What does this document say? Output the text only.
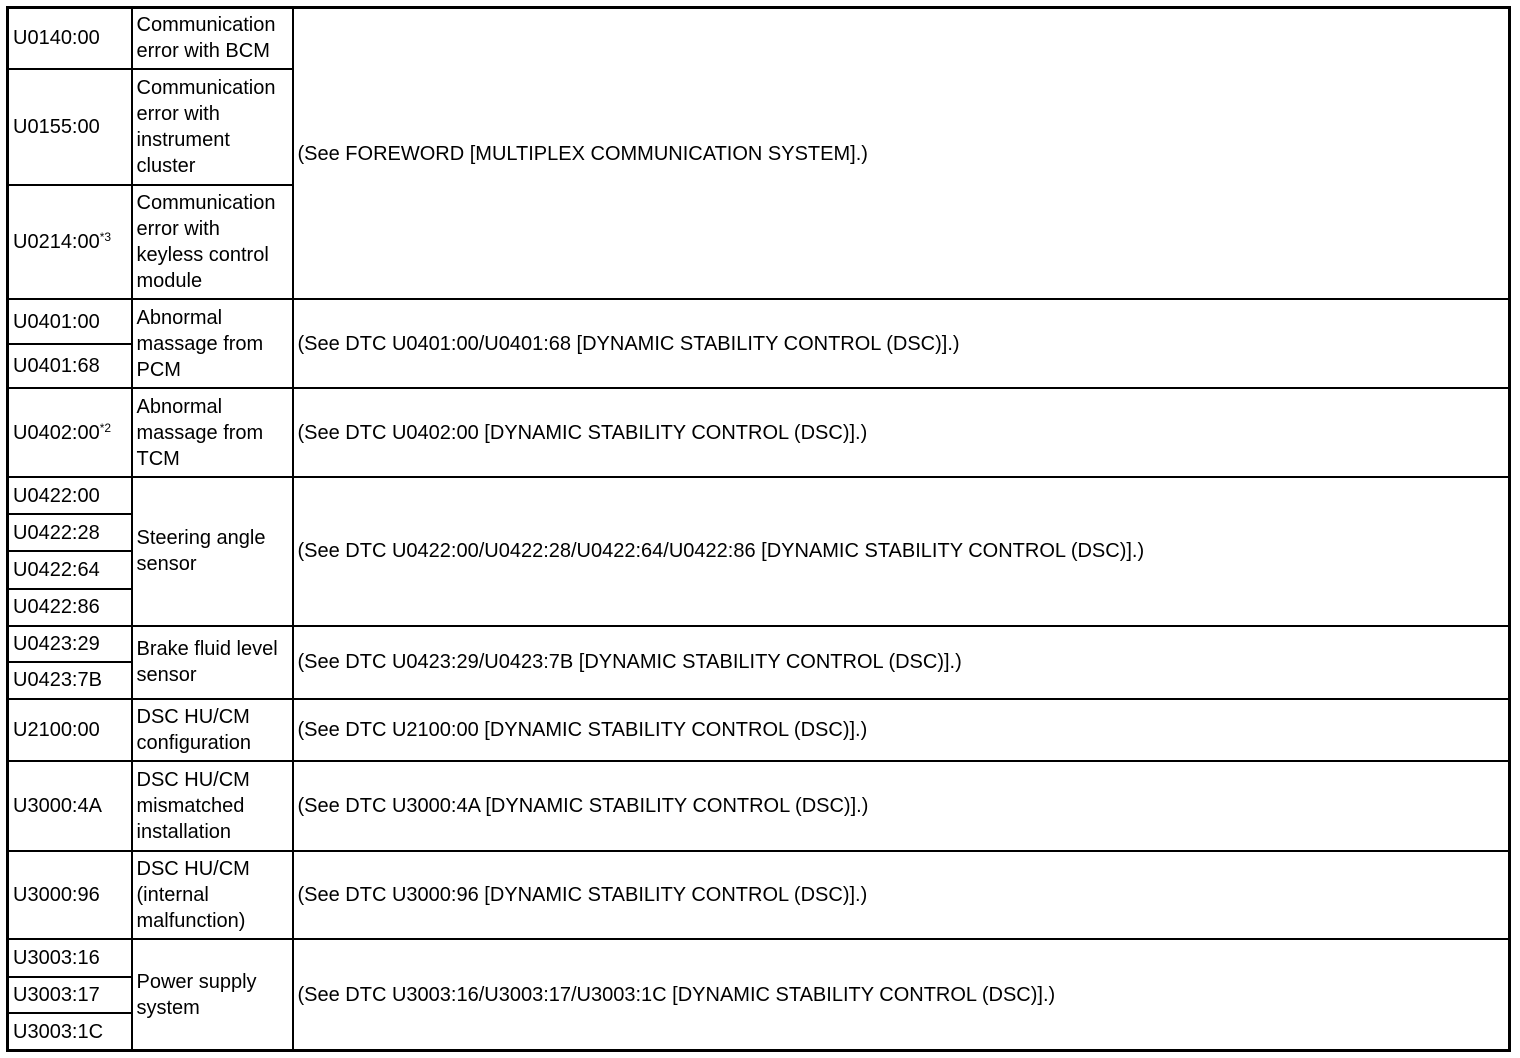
U0140:00	Communication error with BCM	(See FOREWORD [MULTIPLEX COMMUNICATION SYSTEM].)
U0155:00	Communication error with instrument cluster	
U0214:00$^{*3}$	Communication error with keyless control module	
U0401:00	Abnormal massage from PCM	(See DTC U0401:00/U0401:68 [DYNAMIC STABILITY CONTROL (DSC)].)
U0401:68		
U0402:00$^{*2}$	Abnormal massage from TCM	(See DTC U0402:00 [DYNAMIC STABILITY CONTROL (DSC)].)
U0422:00	Steering angle sensor	(See DTC U0422:00/U0422:28/U0422:64/U0422:86 [DYNAMIC STABILITY CONTROL (DSC)].)
U0422:28		
U0422:64		
U0422:86		
U0423:29	Brake fluid level sensor	(See DTC U0423:29/U0423:7B [DYNAMIC STABILITY CONTROL (DSC)].)
U0423:7B		
U2100:00	DSC HU/CM configuration	(See DTC U2100:00 [DYNAMIC STABILITY CONTROL (DSC)].)
U3000:4A	DSC HU/CM mismatched installation	(See DTC U3000:4A [DYNAMIC STABILITY CONTROL (DSC)].)
U3000:96	DSC HU/CM (internal malfunction)	(See DTC U3000:96 [DYNAMIC STABILITY CONTROL (DSC)].)
U3003:16	Power supply system	(See DTC U3003:16/U3003:17/U3003:1C [DYNAMIC STABILITY CONTROL (DSC)].)
U3003:17		
U3003:1C		
